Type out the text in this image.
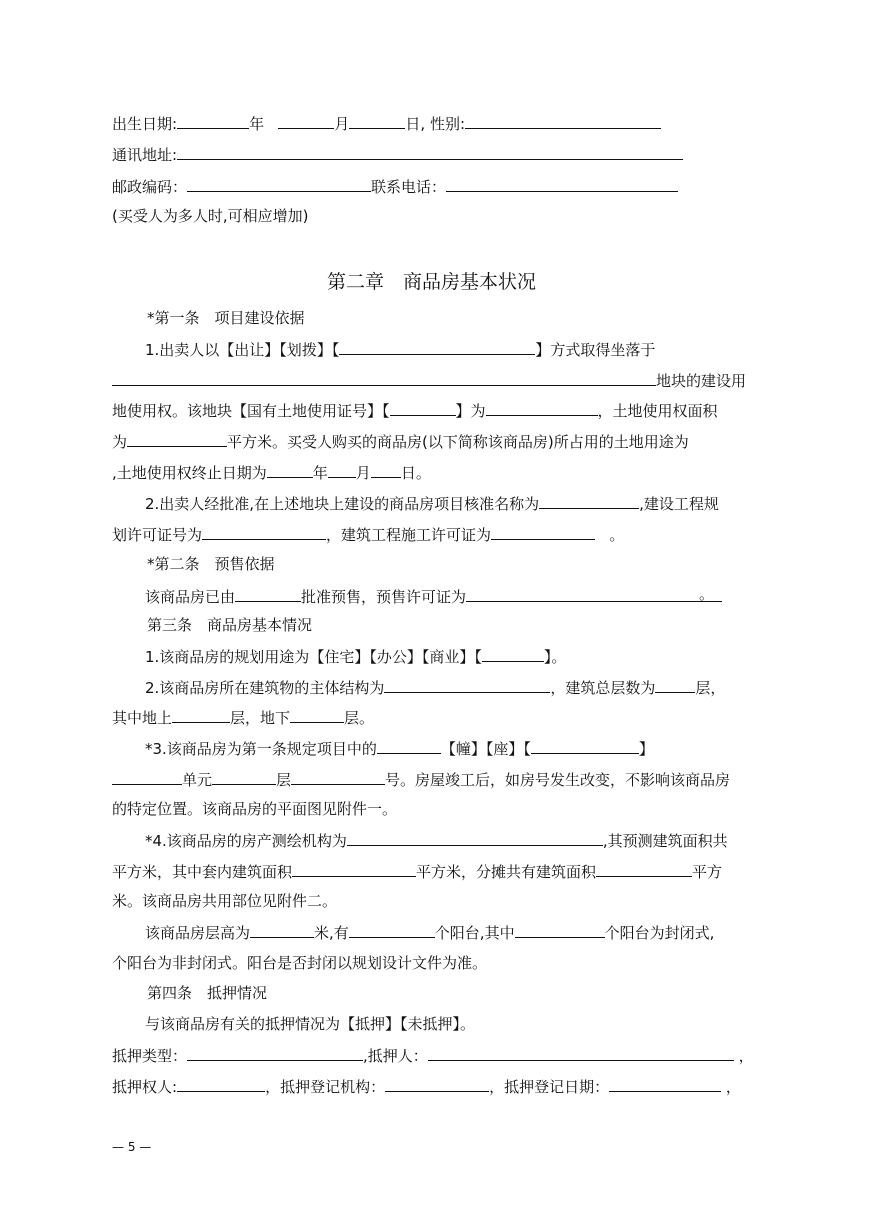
出生日期:	年	月	日, 性别:
通讯地址:
邮政编码：	联系电话：
(买受人为多人时,可相应增加)
第二章　商品房基本状况
*第一条　项目建设依据
1.出卖人以【出让】【划拨】【	】方式取得坐落于
地块的建设用
地使用权。该地块【国有土地使用证号】【	】为	，土地使用权面积
为	平方米。买受人购买的商品房(以下简称该商品房)所占用的土地用途为
,土地使用权终止日期为	年 月 日。
2.出卖人经批准,在上述地块上建设的商品房项目核准名称为	,建设工程规
划许可证号为	，建筑工程施工许可证为	。
*第二条　预售依据
该商品房已由	批准预售，预售许可证为	。
第三条　商品房基本情况
1.该商品房的规划用途为【住宅】【办公】【商业】【	】。
2.该商品房所在建筑物的主体结构为	，建筑总层数为	层，
其中地上	层，地下	层。
*3.该商品房为第一条规定项目中的	【幢】【座】【	】
单元	层	号。房屋竣工后，如房号发生改变，不影响该商品房
的特定位置。该商品房的平面图见附件一。
*4.该商品房的房产测绘机构为	,其预测建筑面积共
平方米，其中套内建筑面积	平方米，分摊共有建筑面积	平方
米。该商品房共用部位见附件二。
该商品房层高为	米,有	个阳台,其中	个阳台为封闭式,
个阳台为非封闭式。阳台是否封闭以规划设计文件为准。
第四条　抵押情况
与该商品房有关的抵押情况为【抵押】【未抵押】。
抵押类型：	,抵押人：	，
抵押权人:	，抵押登记机构：	，抵押登记日期：	，
— 5 —
